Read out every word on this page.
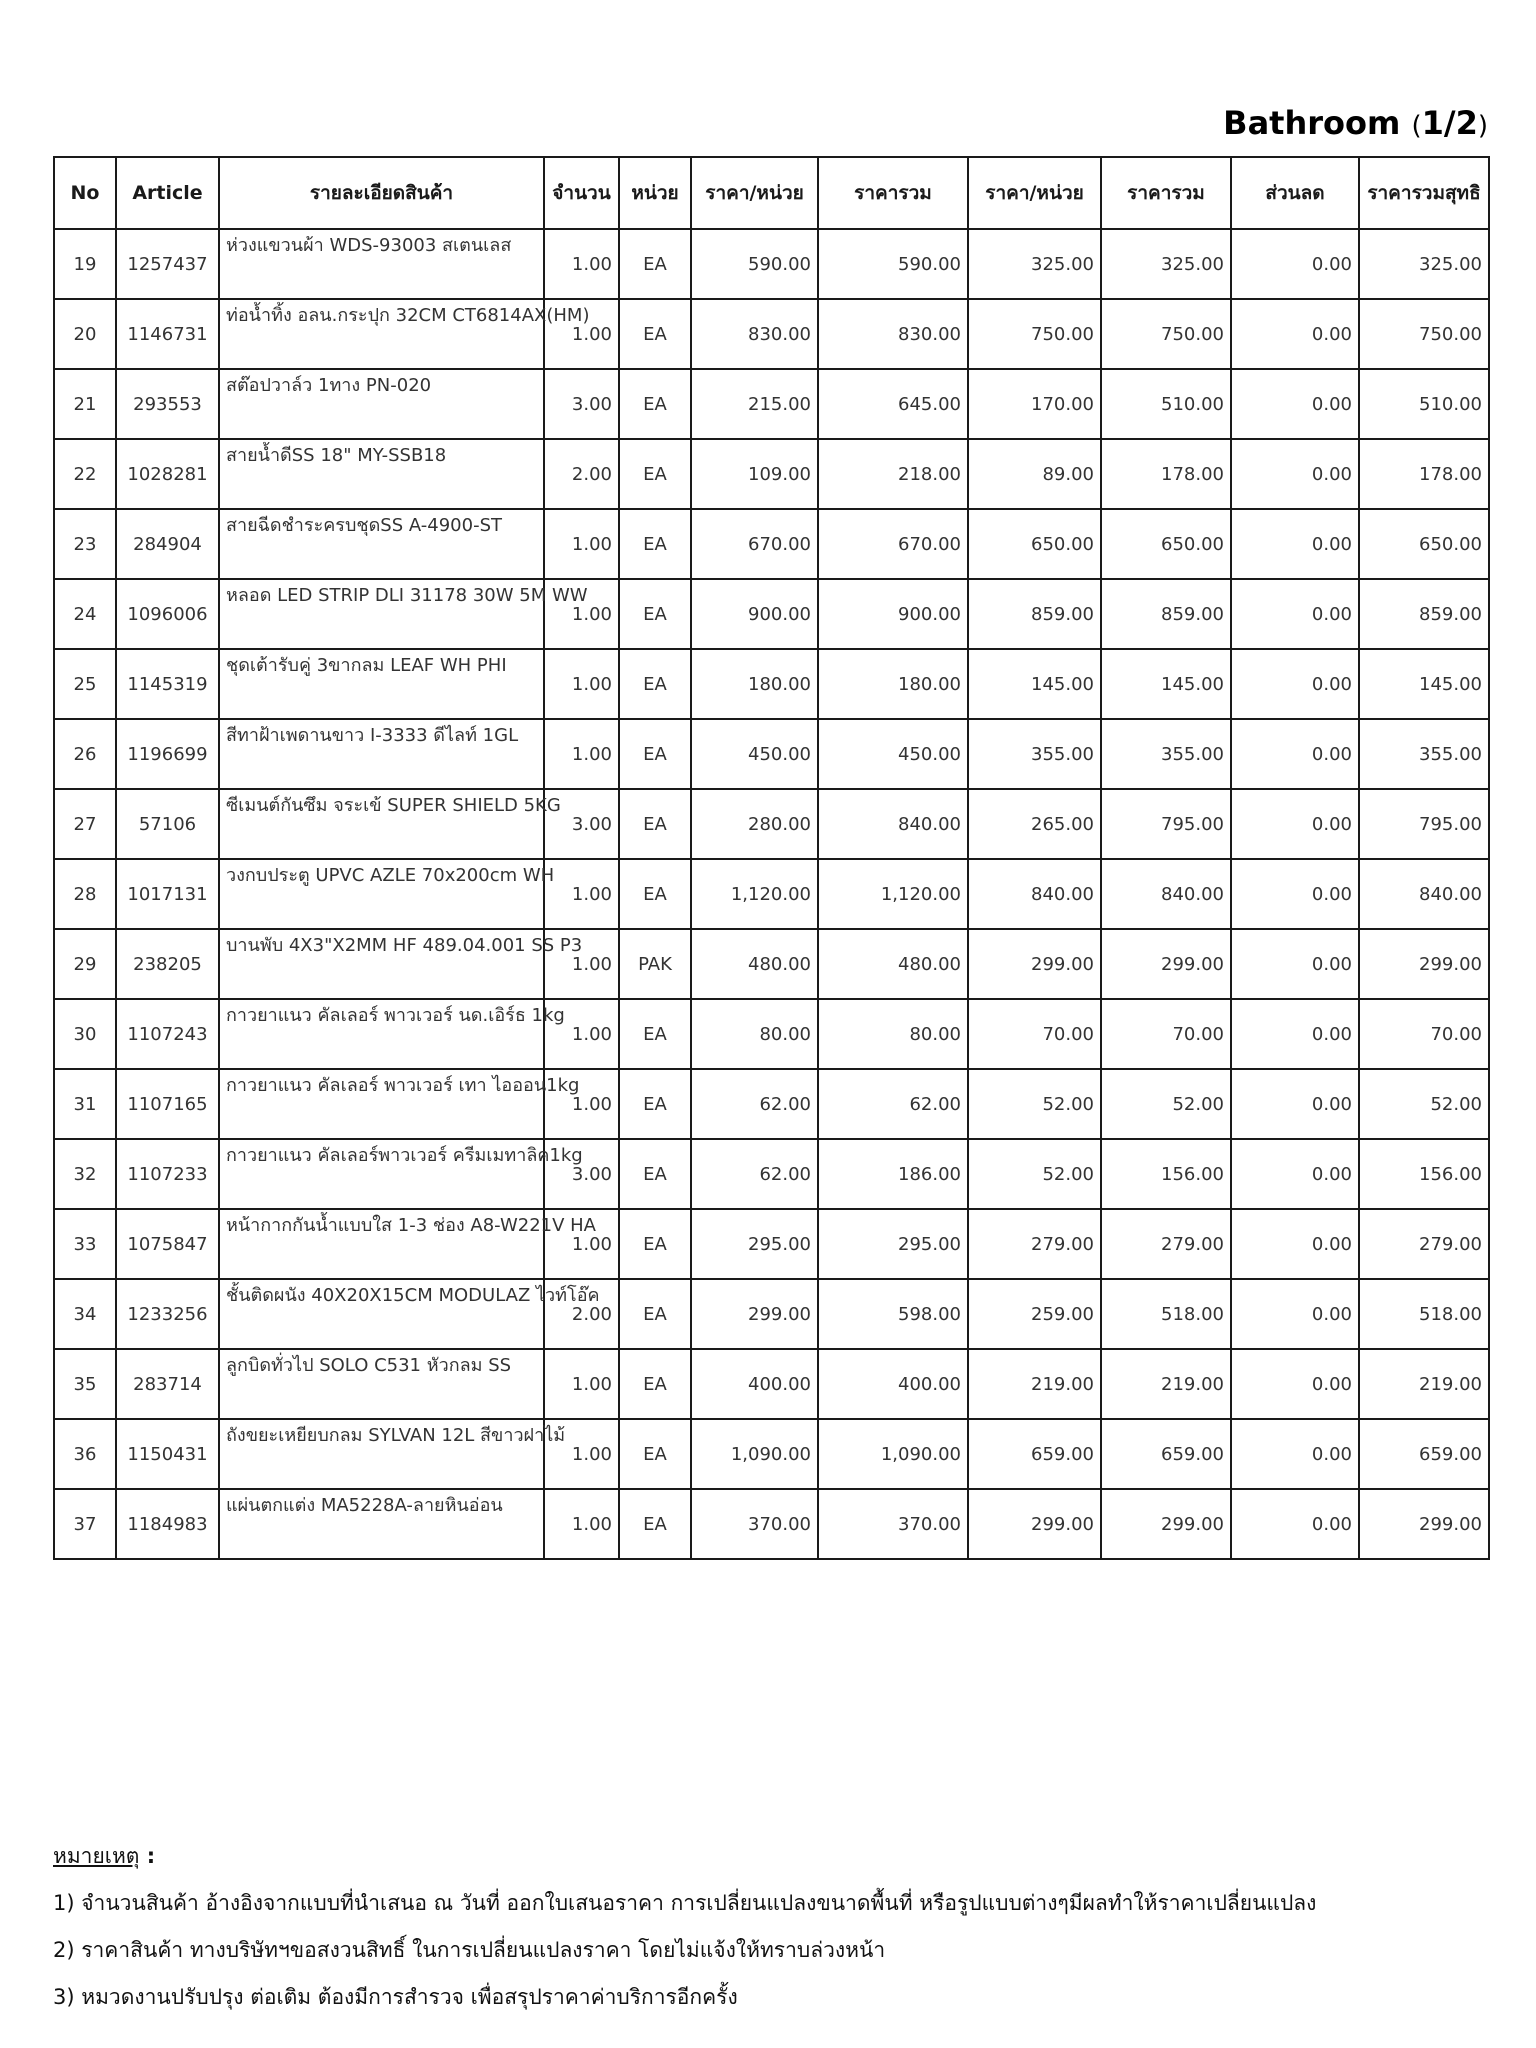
Bathroom (1/2)
No	Article	รายละเอียดสินค้า	จำนวน	หน่วย	ราคา/หน่วย	ราคารวม	ราคา/หน่วย	ราคารวม	ส่วนลด	ราคารวมสุทธิ
19	1257437	ห่วงแขวนผ้า WDS-93003 สเตนเลส	1.00	EA	590.00	590.00	325.00	325.00	0.00	325.00
20	1146731	ท่อน้ำทิ้ง อลน.กระปุก 32CM CT6814AX(HM)	1.00	EA	830.00	830.00	750.00	750.00	0.00	750.00
21	293553	สต๊อปวาล์ว 1ทาง PN-020	3.00	EA	215.00	645.00	170.00	510.00	0.00	510.00
22	1028281	สายน้ำดีSS 18" MY-SSB18	2.00	EA	109.00	218.00	89.00	178.00	0.00	178.00
23	284904	สายฉีดชำระครบชุดSS A-4900-ST	1.00	EA	670.00	670.00	650.00	650.00	0.00	650.00
24	1096006	หลอด LED STRIP DLI 31178 30W 5M WW	1.00	EA	900.00	900.00	859.00	859.00	0.00	859.00
25	1145319	ชุดเต้ารับคู่ 3ขากลม LEAF WH PHI	1.00	EA	180.00	180.00	145.00	145.00	0.00	145.00
26	1196699	สีทาฝ้าเพดานขาว I-3333 ดีไลท์ 1GL	1.00	EA	450.00	450.00	355.00	355.00	0.00	355.00
27	57106	ซีเมนต์กันซึม จระเข้ SUPER SHIELD 5KG	3.00	EA	280.00	840.00	265.00	795.00	0.00	795.00
28	1017131	วงกบประตู UPVC AZLE 70x200cm WH	1.00	EA	1,120.00	1,120.00	840.00	840.00	0.00	840.00
29	238205	บานพับ 4X3"X2MM HF 489.04.001 SS P3	1.00	PAK	480.00	480.00	299.00	299.00	0.00	299.00
30	1107243	กาวยาแนว คัลเลอร์ พาวเวอร์ นด.เอิร์ธ 1kg	1.00	EA	80.00	80.00	70.00	70.00	0.00	70.00
31	1107165	กาวยาแนว คัลเลอร์ พาวเวอร์ เทา ไอออน1kg	1.00	EA	62.00	62.00	52.00	52.00	0.00	52.00
32	1107233	กาวยาแนว คัลเลอร์พาวเวอร์ ครีมเมทาลิค1kg	3.00	EA	62.00	186.00	52.00	156.00	0.00	156.00
33	1075847	หน้ากากกันน้ำแบบใส 1-3 ช่อง A8-W221V HA	1.00	EA	295.00	295.00	279.00	279.00	0.00	279.00
34	1233256	ชั้นติดผนัง 40X20X15CM MODULAZ ไวท์โอ๊ค	2.00	EA	299.00	598.00	259.00	518.00	0.00	518.00
35	283714	ลูกบิดทั่วไป SOLO C531 หัวกลม SS	1.00	EA	400.00	400.00	219.00	219.00	0.00	219.00
36	1150431	ถังขยะเหยียบกลม SYLVAN 12L สีขาวฝาไม้	1.00	EA	1,090.00	1,090.00	659.00	659.00	0.00	659.00
37	1184983	แผ่นตกแต่ง MA5228A-ลายหินอ่อน	1.00	EA	370.00	370.00	299.00	299.00	0.00	299.00
หมายเหตุ :

1) จำนวนสินค้า อ้างอิงจากแบบที่นำเสนอ ณ วันที่ ออกใบเสนอราคา การเปลี่ยนแปลงขนาดพื้นที่ หรือรูปแบบต่างๆมีผลทำให้ราคาเปลี่ยนแปลง

2) ราคาสินค้า ทางบริษัทฯขอสงวนสิทธิ์ ในการเปลี่ยนแปลงราคา โดยไม่แจ้งให้ทราบล่วงหน้า

3) หมวดงานปรับปรุง ต่อเติม ต้องมีการสำรวจ เพื่อสรุปราคาค่าบริการอีกครั้ง
